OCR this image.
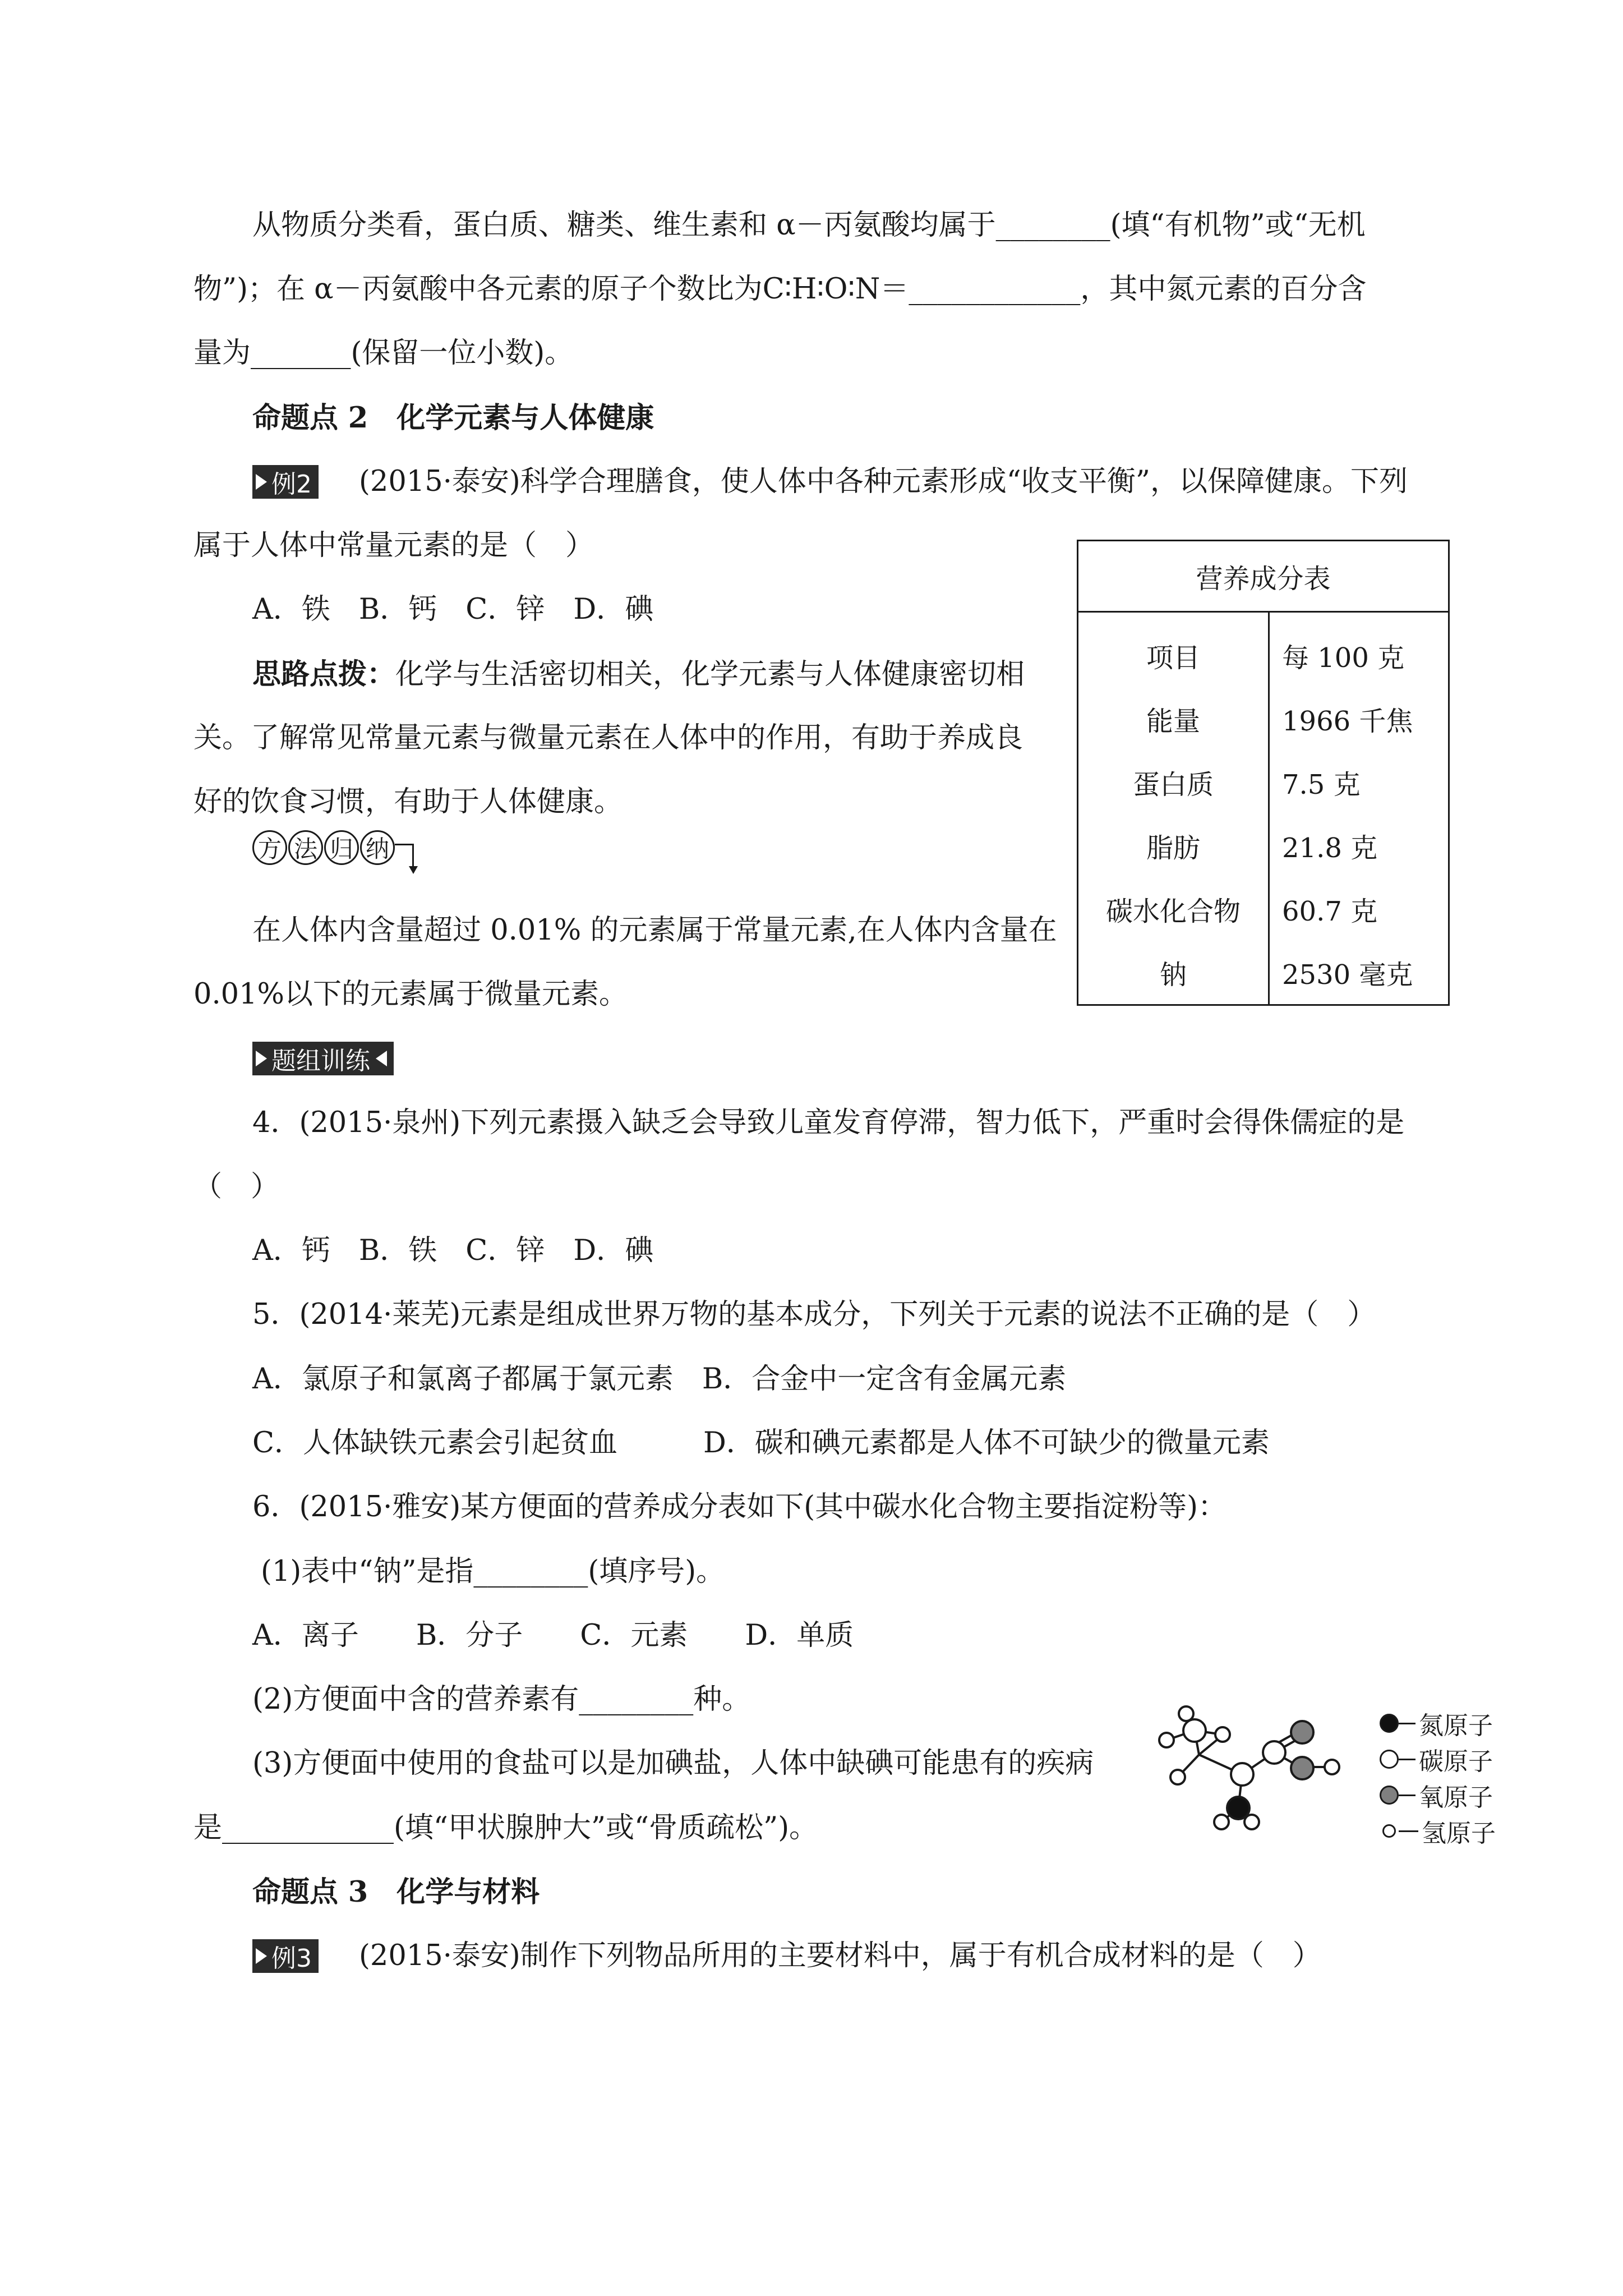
从物质分类看，蛋白质、糖类、维生素和 α－丙氨酸均属于________(填“有机物”或“无机
物”)；在 α－丙氨酸中各元素的原子个数比为C∶H∶O∶N＝____________，其中氮元素的百分含
量为_______(保留一位小数)。
命题点 2　化学元素与人体健康
例2 (2015·泰安)科学合理膳食，使人体中各种元素形成“收支平衡”，以保障健康。下列
属于人体中常量元素的是（　）
A．铁　B．钙　C．锌　D．碘
思路点拨：化学与生活密切相关，化学元素与人体健康密切相
关。了解常见常量元素与微量元素在人体中的作用，有助于养成良
好的饮食习惯，有助于人体健康。
方 法 归 纳
在人体内含量超过 0.01% 的元素属于常量元素,在人体内含量在
0.01%以下的元素属于微量元素。
营养成分表	
项目	每 100 克
能量	1966 千焦
蛋白质	7.5 克
脂肪	21.8 克
碳水化合物	60.7 克
钠	2530 毫克
题组训练
4．(2015·泉州)下列元素摄入缺乏会导致儿童发育停滞，智力低下，严重时会得侏儒症的是
（　）
A．钙　B．铁　C．锌　D．碘
5．(2014·莱芜)元素是组成世界万物的基本成分，下列关于元素的说法不正确的是（　）
A．氯原子和氯离子都属于氯元素　B．合金中一定含有金属元素
C．人体缺铁元素会引起贫血　　　D．碳和碘元素都是人体不可缺少的微量元素
6．(2015·雅安)某方便面的营养成分表如下(其中碳水化合物主要指淀粉等)：
(1)表中“钠”是指________(填序号)。
A．离子　　B．分子　　C．元素　　D．单质
(2)方便面中含的营养素有________种。
(3)方便面中使用的食盐可以是加碘盐，人体中缺碘可能患有的疾病
是____________(填“甲状腺肿大”或“骨质疏松”)。
氮原子
碳原子
氧原子
氢原子
命题点 3　化学与材料
例3 (2015·泰安)制作下列物品所用的主要材料中，属于有机合成材料的是（　）
